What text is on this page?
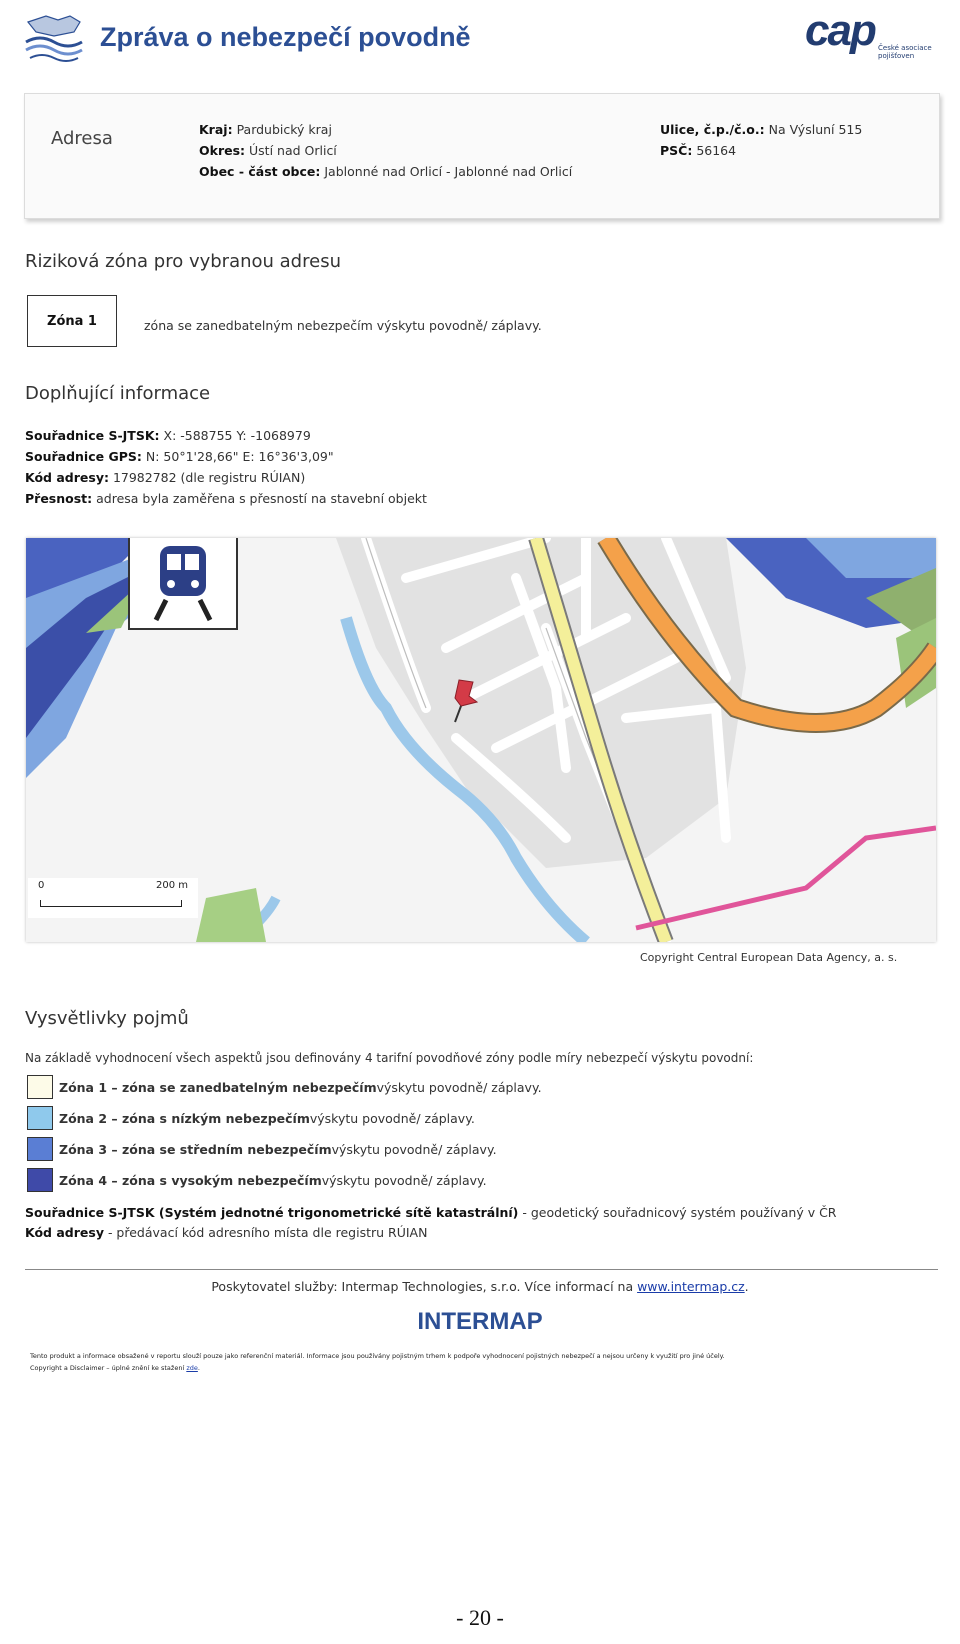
Zpráva o nebezpečí povodně	cap České asociace pojišťoven
Adresa	Kraj: Pardubický kraj
Okres: Ústí nad Orlicí
Obec - část obce: Jablonné nad Orlicí - Jablonné nad Orlicí
Ulice, č.p./č.o.: Na Výsluní 515
PSČ: 56164
Riziková zóna pro vybranou adresu
Zóna 1	zóna se zanedbatelným nebezpečím výskytu povodně/ záplavy.
Doplňující informace
Souřadnice S-JTSK: X: -588755 Y: -1068979
Souřadnice GPS: N: 50°1'28,66" E: 16°36'3,09"
Kód adresy: 17982782 (dle registru RÚIAN)
Přesnost: adresa byla zaměřena s přesností na stavební objekt
0	200 m
Copyright Central European Data Agency, a. s.
Vysvětlivky pojmů
Na základě vyhodnocení všech aspektů jsou definovány 4 tarifní povodňové zóny podle míry nebezpečí výskytu povodní:
Zóna 1 – zóna se zanedbatelným nebezpečím výskytu povodně/ záplavy.
Zóna 2 – zóna s nízkým nebezpečím výskytu povodně/ záplavy.
Zóna 3 – zóna se středním nebezpečím výskytu povodně/ záplavy.
Zóna 4 – zóna s vysokým nebezpečím výskytu povodně/ záplavy.
Souřadnice S-JTSK (Systém jednotné trigonometrické sítě katastrální) - geodetický souřadnicový systém používaný v ČR
Kód adresy - předávací kód adresního místa dle registru RÚIAN
Poskytovatel služby: Intermap Technologies, s.r.o. Více informací na www.intermap.cz.
INTERMAP
Tento produkt a informace obsažené v reportu slouží pouze jako referenční materiál. Informace jsou používány pojistným trhem k podpoře vyhodnocení pojistných nebezpečí a nejsou určeny k využití pro jiné účely.
Copyright a Disclaimer – úplné znění ke stažení zde.
- 20 -
